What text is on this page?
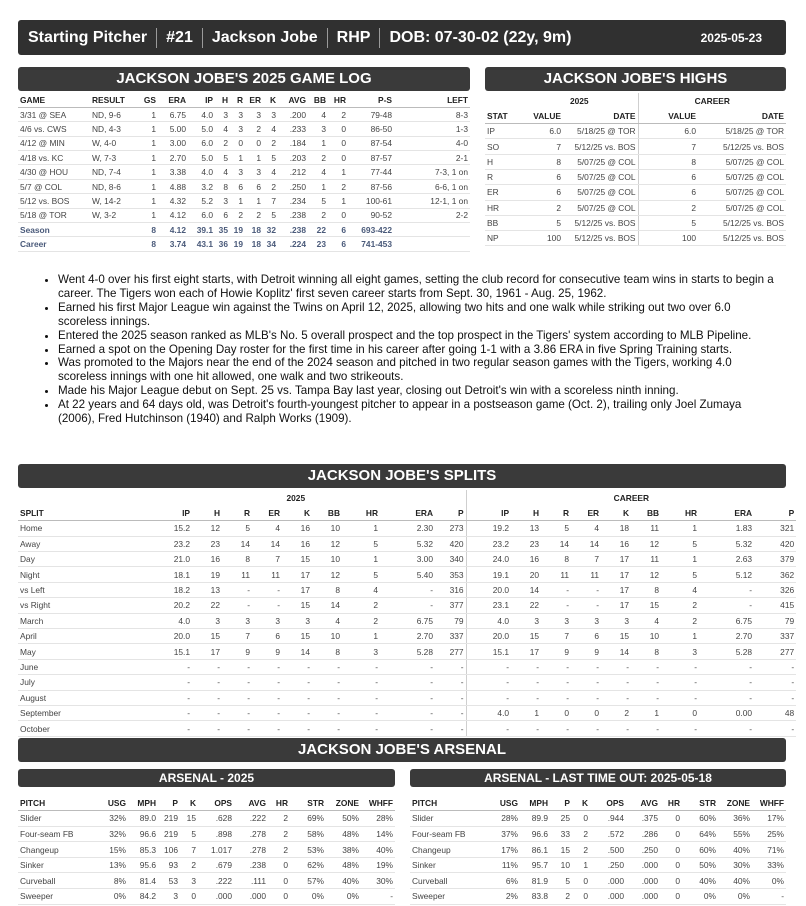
Starting Pitcher #21 Jackson Jobe RHP DOB: 07-30-02 (22y, 9m)	2025-05-23
JACKSON JOBE'S 2025 GAME LOG	JACKSON JOBE'S HIGHS
JACKSON JOBE'S SPLITS
JACKSON JOBE'S ARSENAL
ARSENAL - 2025	ARSENAL - LAST TIME OUT: 2025-05-18
GAME	RESULT	GS	ERA	IP	H	R	ER	K	AVG	BB	HR	P-S	LEFT
3/31 @ SEA	ND, 9-6	1	6.75	4.0	3	3	3	3	.200	4	2	79-48	8-3
4/6 vs. CWS	ND, 4-3	1	5.00	5.0	4	3	2	4	.233	3	0	86-50	1-3
4/12 @ MIN	W, 4-0	1	3.00	6.0	2	0	0	2	.184	1	0	87-54	4-0
4/18 vs. KC	W, 7-3	1	2.70	5.0	5	1	1	5	.203	2	0	87-57	2-1
4/30 @ HOU	ND, 7-4	1	3.38	4.0	4	3	3	4	.212	4	1	77-44	7-3, 1 on
5/7 @ COL	ND, 8-6	1	4.88	3.2	8	6	6	2	.250	1	2	87-56	6-6, 1 on
5/12 vs. BOS	W, 14-2	1	4.32	5.2	3	1	1	7	.234	5	1	100-61	12-1, 1 on
5/18 @ TOR	W, 3-2	1	4.12	6.0	6	2	2	5	.238	2	0	90-52	2-2
Season		8	4.12	39.1	35	19	18	32	.238	22	6	693-422	
Career		8	3.74	43.1	36	19	18	34	.224	23	6	741-453	
	2025		CAREER	
STAT	VALUE	DATE	VALUE	DATE
IP	6.0	5/18/25 @ TOR	6.0	5/18/25 @ TOR
SO	7	5/12/25 vs. BOS	7	5/12/25 vs. BOS
H	8	5/07/25 @ COL	8	5/07/25 @ COL
R	6	5/07/25 @ COL	6	5/07/25 @ COL
ER	6	5/07/25 @ COL	6	5/07/25 @ COL
HR	2	5/07/25 @ COL	2	5/07/25 @ COL
BB	5	5/12/25 vs. BOS	5	5/12/25 vs. BOS
NP	100	5/12/25 vs. BOS	100	5/12/25 vs. BOS
• Went 4-0 over his first eight starts, with Detroit winning all eight games, setting the club record for consecutive team wins in starts to begin a career. The Tigers won each of Howie Koplitz' first seven career starts from Sept. 30, 1961 - Aug. 25, 1962.
• Earned his first Major League win against the Twins on April 12, 2025, allowing two hits and one walk while striking out two over 6.0 scoreless innings.
• Entered the 2025 season ranked as MLB's No. 5 overall prospect and the top prospect in the Tigers' system according to MLB Pipeline.
• Earned a spot on the Opening Day roster for the first time in his career after going 1-1 with a 3.86 ERA in five Spring Training starts.
• Was promoted to the Majors near the end of the 2024 season and pitched in two regular season games with the Tigers, working 4.0 scoreless innings with one hit allowed, one walk and two strikeouts.
• Made his Major League debut on Sept. 25 vs. Tampa Bay last year, closing out Detroit's win with a scoreless ninth inning.
• At 22 years and 64 days old, was Detroit's fourth-youngest pitcher to appear in a postseason game (Oct. 2), trailing only Joel Zumaya (2006), Fred Hutchinson (1940) and Ralph Works (1909).
	2025									CAREER								
SPLIT	IP	H	R	ER	K	BB	HR	ERA	P	IP	H	R	ER	K	BB	HR	ERA	P
Home	15.2	12	5	4	16	10	1	2.30	273	19.2	13	5	4	18	11	1	1.83	321
Away	23.2	23	14	14	16	12	5	5.32	420	23.2	23	14	14	16	12	5	5.32	420
Day	21.0	16	8	7	15	10	1	3.00	340	24.0	16	8	7	17	11	1	2.63	379
Night	18.1	19	11	11	17	12	5	5.40	353	19.1	20	11	11	17	12	5	5.12	362
vs Left	18.2	13	-	-	17	8	4	-	316	20.0	14	-	-	17	8	4	-	326
vs Right	20.2	22	-	-	15	14	2	-	377	23.1	22	-	-	17	15	2	-	415
March	4.0	3	3	3	3	4	2	6.75	79	4.0	3	3	3	3	4	2	6.75	79
April	20.0	15	7	6	15	10	1	2.70	337	20.0	15	7	6	15	10	1	2.70	337
May	15.1	17	9	9	14	8	3	5.28	277	15.1	17	9	9	14	8	3	5.28	277
June	-	-	-	-	-	-	-	-	-	-	-	-	-	-	-	-	-	-
July	-	-	-	-	-	-	-	-	-	-	-	-	-	-	-	-	-	-
August	-	-	-	-	-	-	-	-	-	-	-	-	-	-	-	-	-	-
September	-	-	-	-	-	-	-	-	-	4.0	1	0	0	2	1	0	0.00	48
October	-	-	-	-	-	-	-	-	-	-	-	-	-	-	-	-	-	-
PITCH	USG	MPH	P	K	OPS	AVG	HR	STR	ZONE	WHFF
Slider	32%	89.0	219	15	.628	.222	2	69%	50%	28%
Four-seam FB	32%	96.6	219	5	.898	.278	2	58%	48%	14%
Changeup	15%	85.3	106	7	1.017	.278	2	53%	38%	40%
Sinker	13%	95.6	93	2	.679	.238	0	62%	48%	19%
Curveball	8%	81.4	53	3	.222	.111	0	57%	40%	30%
Sweeper	0%	84.2	3	0	.000	.000	0	0%	0%	-
PITCH	USG	MPH	P	K	OPS	AVG	HR	STR	ZONE	WHFF
Slider	28%	89.9	25	0	.944	.375	0	60%	36%	17%
Four-seam FB	37%	96.6	33	2	.572	.286	0	64%	55%	25%
Changeup	17%	86.1	15	2	.500	.250	0	60%	40%	71%
Sinker	11%	95.7	10	1	.250	.000	0	50%	30%	33%
Curveball	6%	81.9	5	0	.000	.000	0	40%	40%	0%
Sweeper	2%	83.8	2	0	.000	.000	0	0%	0%	-
